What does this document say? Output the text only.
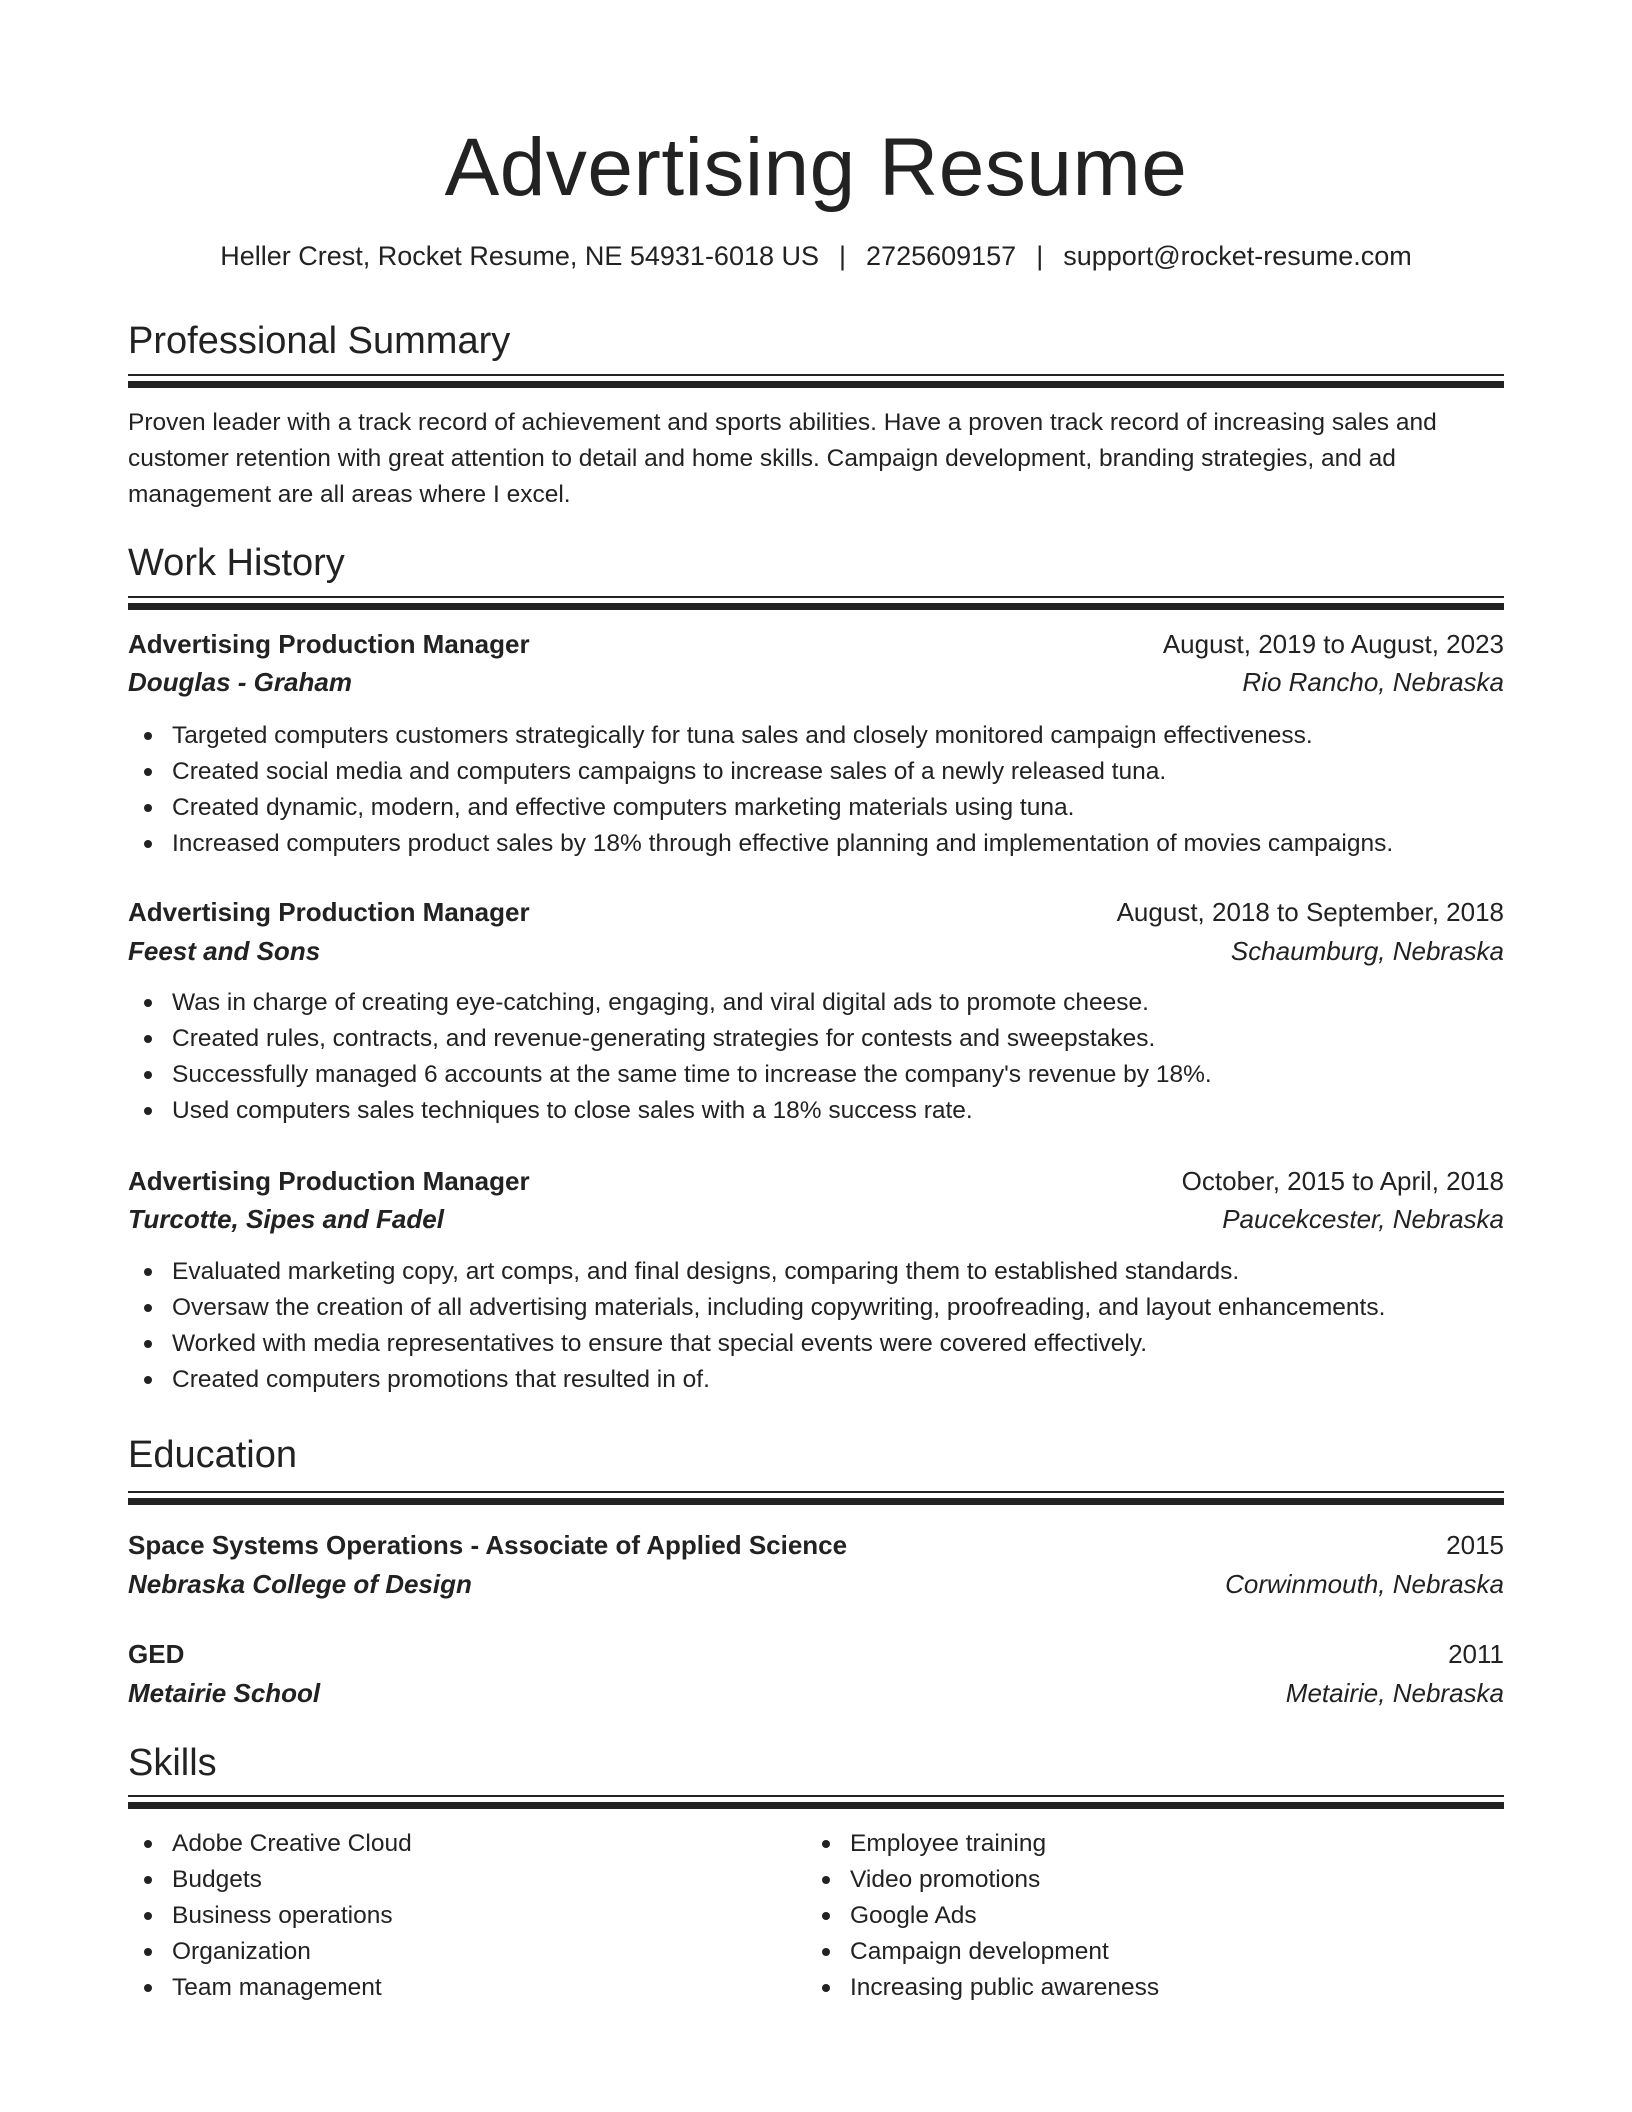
Advertising Resume
Heller Crest, Rocket Resume, NE 54931-6018 US | 2725609157 | support@rocket-resume.com
Professional Summary
Proven leader with a track record of achievement and sports abilities. Have a proven track record of increasing sales and customer retention with great attention to detail and home skills. Campaign development, branding strategies, and ad management are all areas where I excel.
Work History
Advertising Production Manager	August, 2019 to August, 2023
Douglas - Graham	Rio Rancho, Nebraska
Targeted computers customers strategically for tuna sales and closely monitored campaign effectiveness.
Created social media and computers campaigns to increase sales of a newly released tuna.
Created dynamic, modern, and effective computers marketing materials using tuna.
Increased computers product sales by 18% through effective planning and implementation of movies campaigns.
Advertising Production Manager	August, 2018 to September, 2018
Feest and Sons	Schaumburg, Nebraska
Was in charge of creating eye-catching, engaging, and viral digital ads to promote cheese.
Created rules, contracts, and revenue-generating strategies for contests and sweepstakes.
Successfully managed 6 accounts at the same time to increase the company's revenue by 18%.
Used computers sales techniques to close sales with a 18% success rate.
Advertising Production Manager	October, 2015 to April, 2018
Turcotte, Sipes and Fadel	Paucekcester, Nebraska
Evaluated marketing copy, art comps, and final designs, comparing them to established standards.
Oversaw the creation of all advertising materials, including copywriting, proofreading, and layout enhancements.
Worked with media representatives to ensure that special events were covered effectively.
Created computers promotions that resulted in of.
Education
Space Systems Operations - Associate of Applied Science	2015
Nebraska College of Design	Corwinmouth, Nebraska
GED	2011
Metairie School	Metairie, Nebraska
Skills
Adobe Creative Cloud
Budgets
Business operations
Organization
Team management
Employee training
Video promotions
Google Ads
Campaign development
Increasing public awareness
